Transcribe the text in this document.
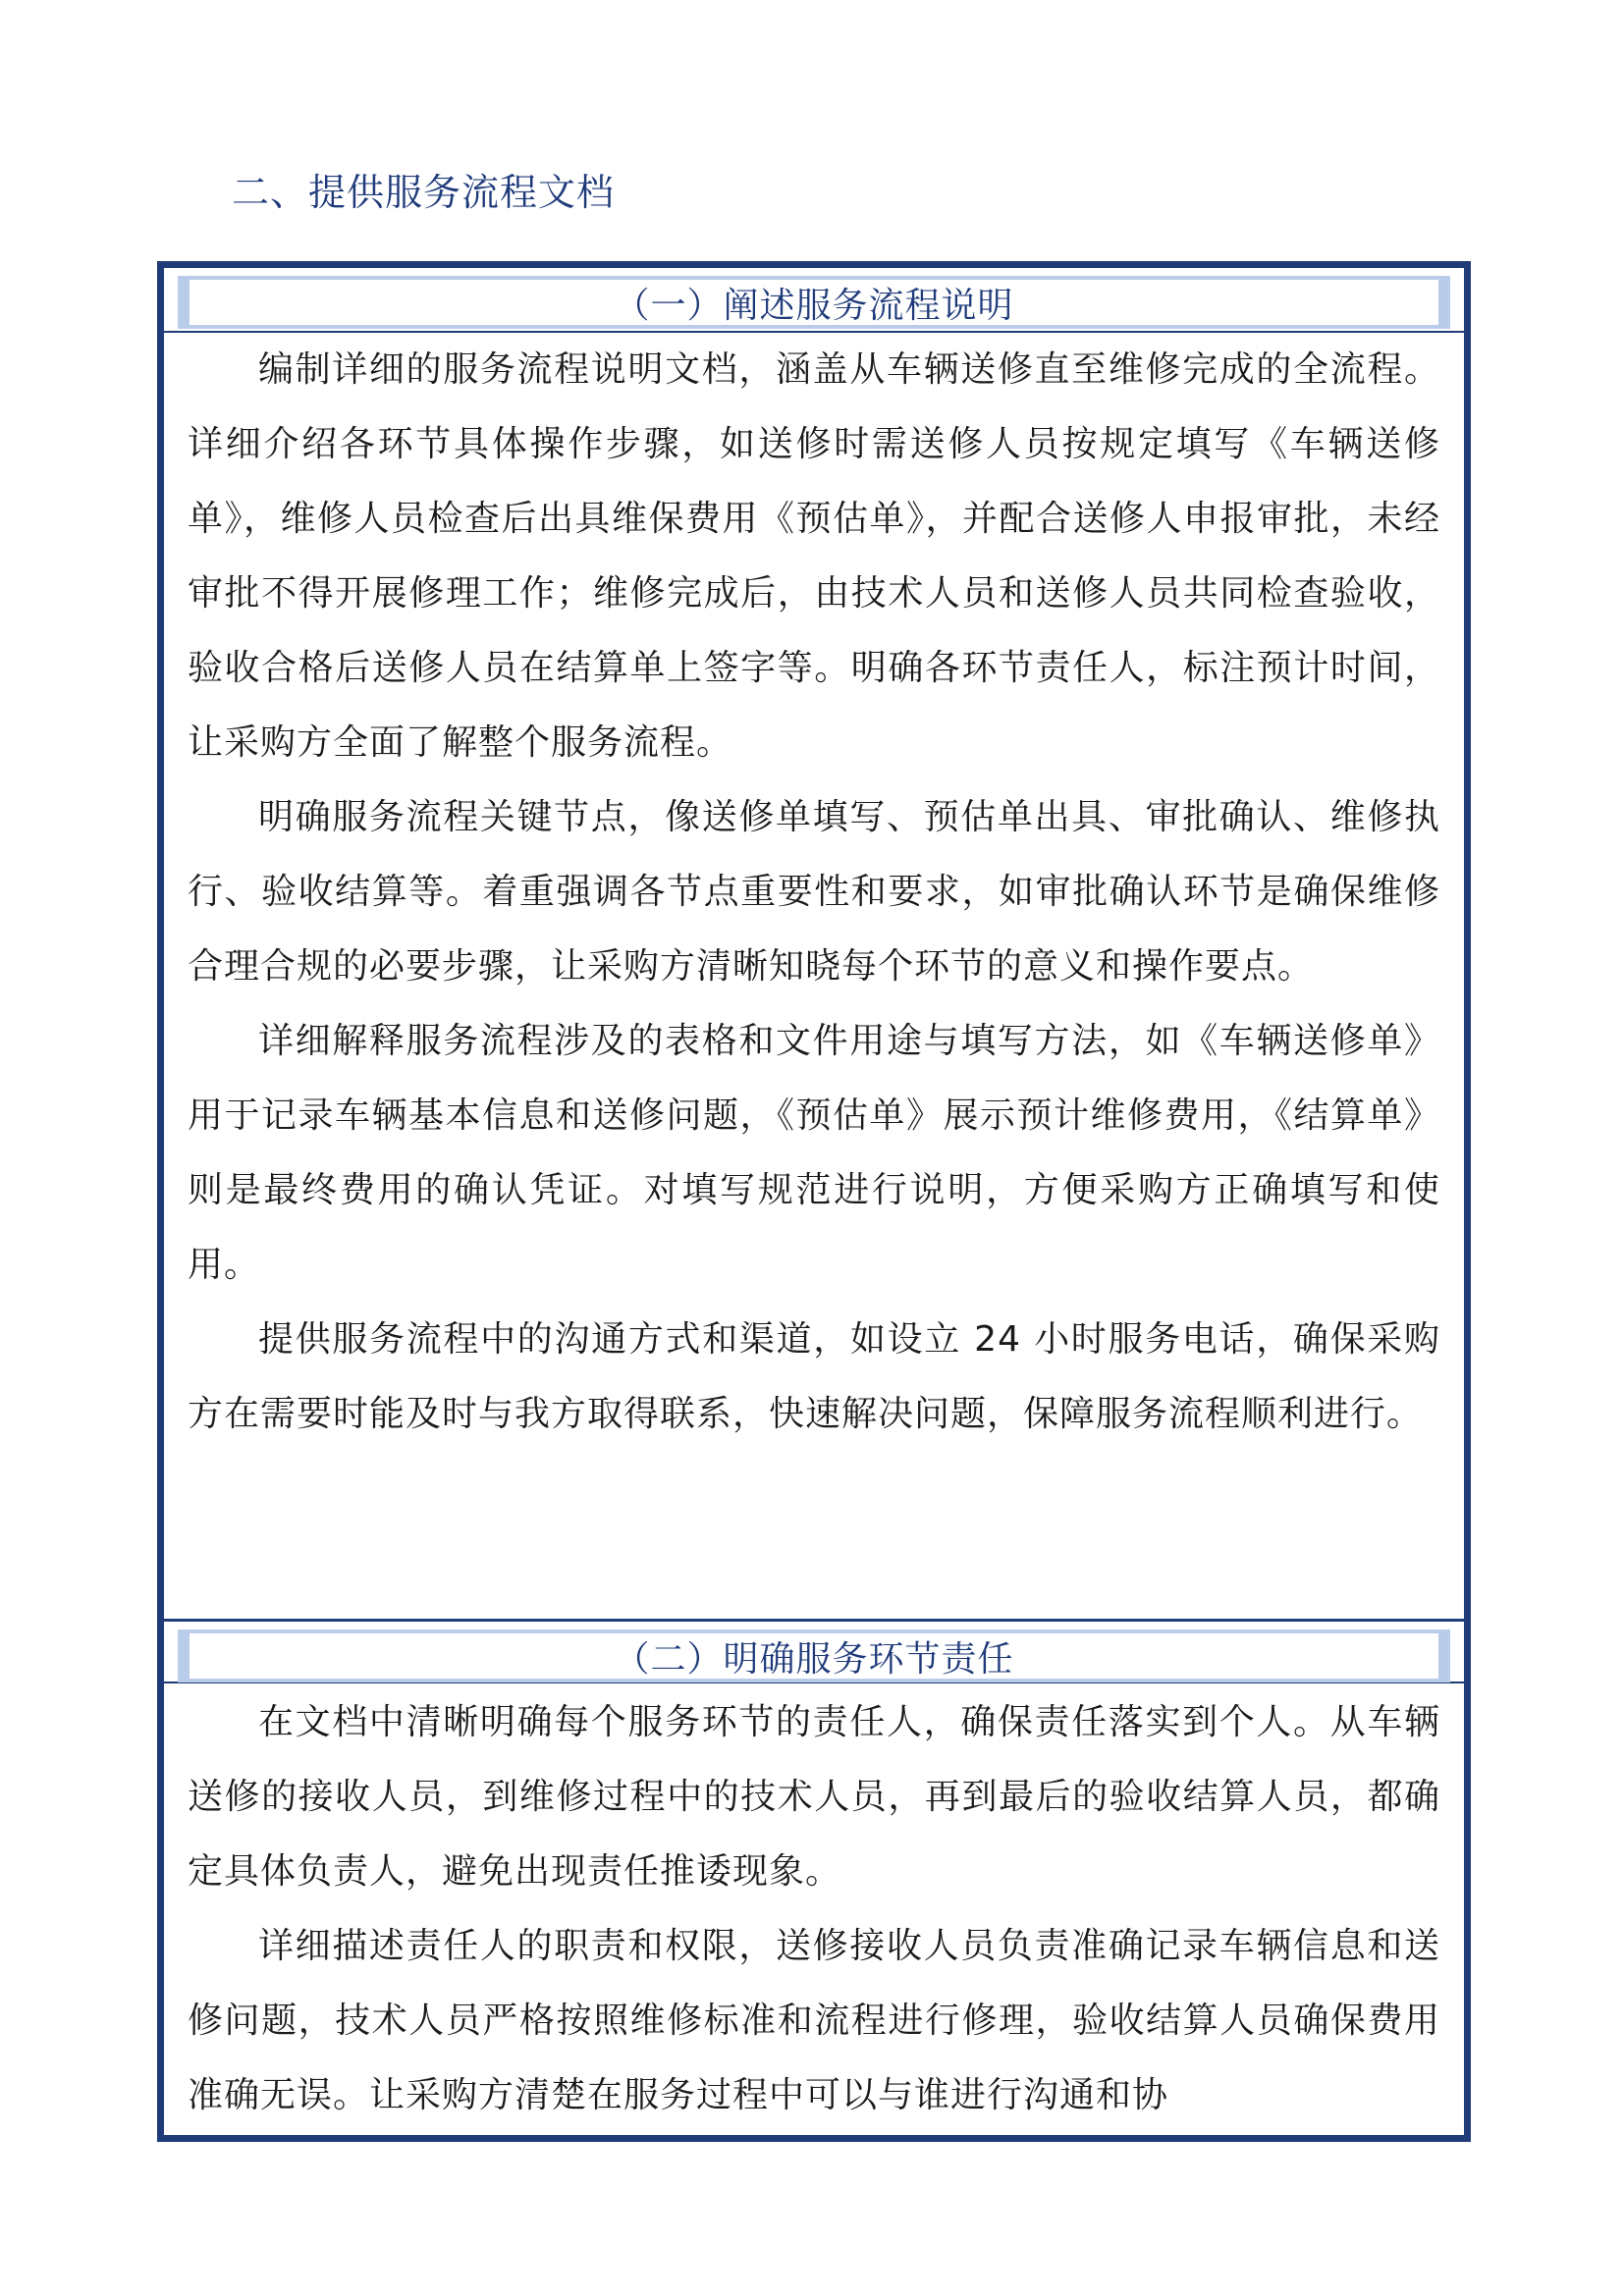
二、提供服务流程文档
（一）阐述服务流程说明

编制详细的服务流程说明文档，涵盖从车辆送修直至维修完成的全流程。详细介绍各环节具体操作步骤，如送修时需送修人员按规定填写《车辆送修单》，维修人员检查后出具维保费用《预估单》，并配合送修人申报审批，未经审批不得开展修理工作；维修完成后，由技术人员和送修人员共同检查验收，验收合格后送修人员在结算单上签字等。明确各环节责任人，标注预计时间，让采购方全面了解整个服务流程。

明确服务流程关键节点，像送修单填写、预估单出具、审批确认、维修执行、验收结算等。着重强调各节点重要性和要求，如审批确认环节是确保维修合理合规的必要步骤，让采购方清晰知晓每个环节的意义和操作要点。

详细解释服务流程涉及的表格和文件用途与填写方法，如《车辆送修单》用于记录车辆基本信息和送修问题，《预估单》展示预计维修费用，《结算单》则是最终费用的确认凭证。对填写规范进行说明，方便采购方正确填写和使用。

提供服务流程中的沟通方式和渠道，如设立 24 小时服务电话，确保采购方在需要时能及时与我方取得联系，快速解决问题，保障服务流程顺利进行。

（二）明确服务环节责任

在文档中清晰明确每个服务环节的责任人，确保责任落实到个人。从车辆送修的接收人员，到维修过程中的技术人员，再到最后的验收结算人员，都确定具体负责人，避免出现责任推诿现象。

详细描述责任人的职责和权限，送修接收人员负责准确记录车辆信息和送修问题，技术人员严格按照维修标准和流程进行修理，验收结算人员确保费用准确无误。让采购方清楚在服务过程中可以与谁进行沟通和协
